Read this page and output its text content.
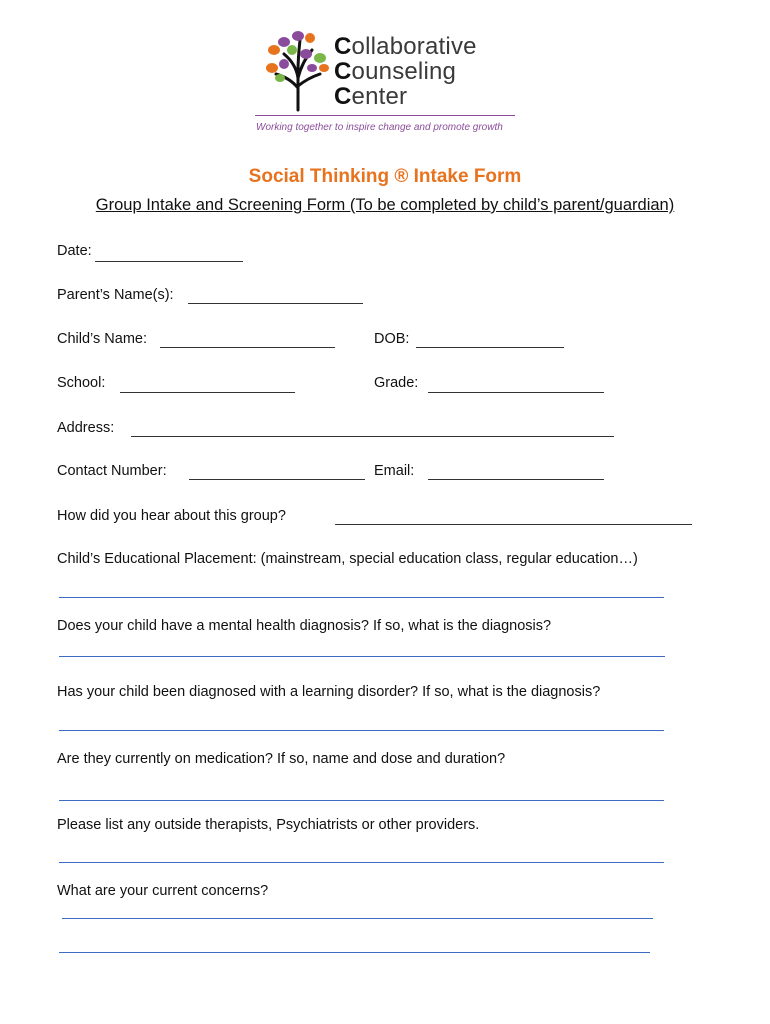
Collaborative
Counseling
Center
Working together to inspire change and promote growth
Social Thinking ® Intake Form
Group Intake and Screening Form (To be completed by child’s parent/guardian)
Date:
Parent’s Name(s):
Child’s Name:	DOB:
School:	Grade:
Address:
Contact Number:	Email:
How did you hear about this group?
Child’s Educational Placement: (mainstream, special education class, regular education…)
Does your child have a mental health diagnosis? If so, what is the diagnosis?
Has your child been diagnosed with a learning disorder? If so, what is the diagnosis?
Are they currently on medication? If so, name and dose and duration?
Please list any outside therapists, Psychiatrists or other providers.
What are your current concerns?
